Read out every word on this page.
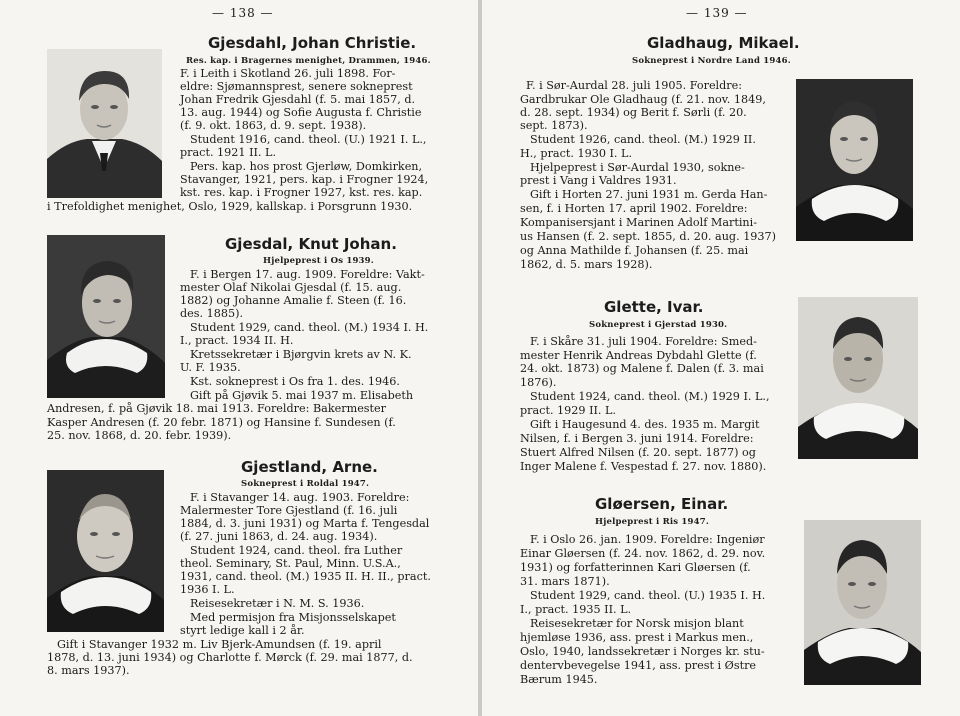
— 138 —
Gjesdahl, Johan Christie.
Res. kap. i Bragernes menighet, Drammen, 1946.
F. i Leith i Skotland 26. juli 1898. For-
eldre: Sjømannsprest, senere sokneprest
Johan Fredrik Gjesdahl (f. 5. mai 1857, d.
13. aug. 1944) og Sofie Augusta f. Christie
(f. 9. okt. 1863, d. 9. sept. 1938).
Student 1916, cand. theol. (U.) 1921 I. L.,
pract. 1921 II. L.
Pers. kap. hos prost Gjerløw, Domkirken,
Stavanger, 1921, pers. kap. i Frogner 1924,
kst. res. kap. i Frogner 1927, kst. res. kap.
i Trefoldighet menighet, Oslo, 1929, kallskap. i Porsgrunn 1930.
Gjesdal, Knut Johan.
Hjelpeprest i Os 1939.
F. i Bergen 17. aug. 1909. Foreldre: Vakt-
mester Olaf Nikolai Gjesdal (f. 15. aug.
1882) og Johanne Amalie f. Steen (f. 16.
des. 1885).
Student 1929, cand. theol. (M.) 1934 I. H.
I., pract. 1934 II. H.
Kretssekretær i Bjørgvin krets av N. K.
U. F. 1935.
Kst. sokneprest i Os fra 1. des. 1946.
Gift på Gjøvik 5. mai 1937 m. Elisabeth
Andresen, f. på Gjøvik 18. mai 1913. Foreldre: Bakermester
Kasper Andresen (f. 20 febr. 1871) og Hansine f. Sundesen (f.
25. nov. 1868, d. 20. febr. 1939).
Gjestland, Arne.
Sokneprest i Roldal 1947.
F. i Stavanger 14. aug. 1903. Foreldre:
Malermester Tore Gjestland (f. 16. juli
1884, d. 3. juni 1931) og Marta f. Tengesdal
(f. 27. juni 1863, d. 24. aug. 1934).
Student 1924, cand. theol. fra Luther
theol. Seminary, St. Paul, Minn. U.S.A.,
1931, cand. theol. (M.) 1935 II. H. II., pract.
1936 I. L.
Reisesekretær i N. M. S. 1936.
Med permisjon fra Misjonsselskapet
styrt ledige kall i 2 år.
Gift i Stavanger 1932 m. Liv Bjerk-Amundsen (f. 19. april
1878, d. 13. juni 1934) og Charlotte f. Mørck (f. 29. mai 1877, d.
8. mars 1937).
— 139 —
Gladhaug, Mikael.
Sokneprest i Nordre Land 1946.
F. i Sør-Aurdal 28. juli 1905. Foreldre:
Gardbrukar Ole Gladhaug (f. 21. nov. 1849,
d. 28. sept. 1934) og Berit f. Sørli (f. 20.
sept. 1873).
Student 1926, cand. theol. (M.) 1929 II.
H., pract. 1930 I. L.
Hjelpeprest i Sør-Aurdal 1930, sokne-
prest i Vang i Valdres 1931.
Gift i Horten 27. juni 1931 m. Gerda Han-
sen, f. i Horten 17. april 1902. Foreldre:
Kompanisersjant i Marinen Adolf Martini-
us Hansen (f. 2. sept. 1855, d. 20. aug. 1937)
og Anna Mathilde f. Johansen (f. 25. mai
1862, d. 5. mars 1928).
Glette, Ivar.
Sokneprest i Gjerstad 1930.
F. i Skåre 31. juli 1904. Foreldre: Smed-
mester Henrik Andreas Dybdahl Glette (f.
24. okt. 1873) og Malene f. Dalen (f. 3. mai
1876).
Student 1924, cand. theol. (M.) 1929 I. L.,
pract. 1929 II. L.
Gift i Haugesund 4. des. 1935 m. Margit
Nilsen, f. i Bergen 3. juni 1914. Foreldre:
Stuert Alfred Nilsen (f. 20. sept. 1877) og
Inger Malene f. Vespestad f. 27. nov. 1880).
Gløersen, Einar.
Hjelpeprest i Ris 1947.
F. i Oslo 26. jan. 1909. Foreldre: Ingeniør
Einar Gløersen (f. 24. nov. 1862, d. 29. nov.
1931) og forfatterinnen Kari Gløersen (f.
31. mars 1871).
Student 1929, cand. theol. (U.) 1935 I. H.
I., pract. 1935 II. L.
Reisesekretær for Norsk misjon blant
hjemløse 1936, ass. prest i Markus men.,
Oslo, 1940, landssekretær i Norges kr. stu-
dentervbevegelse 1941, ass. prest i Østre
Bærum 1945.
